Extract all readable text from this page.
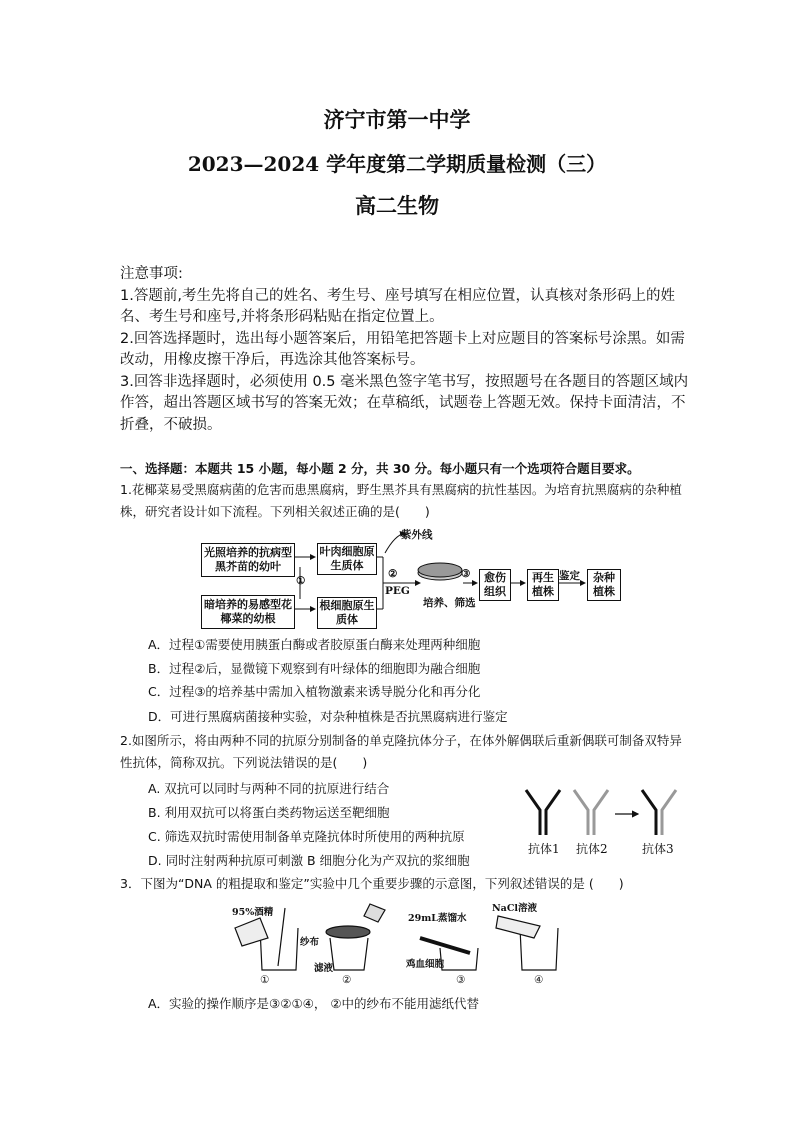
济宁市第一中学
2023—2024 学年度第二学期质量检测（三）
高二生物
注意事项:
1.答题前,考生先将自己的姓名、考生号、座号填写在相应位置，认真核对条形码上的姓名、考生号和座号,并将条形码粘贴在指定位置上。
2.回答选择题时，选出每小题答案后，用铅笔把答题卡上对应题目的答案标号涂黑。如需改动，用橡皮擦干净后，再选涂其他答案标号。
3.回答非选择题时，必须使用 0.5 毫米黑色签字笔书写，按照题号在各题目的答题区域内作答，超出答题区域书写的答案无效；在草稿纸，试题卷上答题无效。保持卡面清洁，不折叠，不破损。
一、选择题：本题共 15 小题，每小题 2 分，共 30 分。每小题只有一个选项符合题目要求。
1.花椰菜易受黑腐病菌的危害而患黑腐病，野生黑芥具有黑腐病的抗性基因。为培育抗黑腐病的杂种植株，研究者设计如下流程。下列相关叙述正确的是(　　)
光照培养的抗病型黑芥苗的幼叶
暗培养的易感型花椰菜的幼根
叶肉细胞原生质体
根细胞原生质体
紫外线
①
②
PEG
培养、筛选
③	愈伤组织
再生植株
鉴定	杂种植株
A．过程①需要使用胰蛋白酶或者胶原蛋白酶来处理两种细胞
B．过程②后，显微镜下观察到有叶绿体的细胞即为融合细胞
C．过程③的培养基中需加入植物激素来诱导脱分化和再分化
D．可进行黑腐病菌接种实验，对杂种植株是否抗黑腐病进行鉴定
2.如图所示，将由两种不同的抗原分别制备的单克隆抗体分子，在体外解偶联后重新偶联可制备双特异性抗体，简称双抗。下列说法错误的是(　　)
A. 双抗可以同时与两种不同的抗原进行结合
B. 利用双抗可以将蛋白类药物运送至靶细胞
C. 筛选双抗时需使用制备单克隆抗体时所使用的两种抗原
D. 同时注射两种抗原可刺激 B 细胞分化为产双抗的浆细胞
抗体1 抗体2	抗体3
3．下图为“DNA 的粗提取和鉴定”实验中几个重要步骤的示意图，下列叙述错误的是 (　　)
95%酒精
纱布
滤液
29mL蒸馏水
鸡血细胞
NaCl溶液
①	②	③	④
A．实验的操作顺序是③②①④， ②中的纱布不能用滤纸代替
